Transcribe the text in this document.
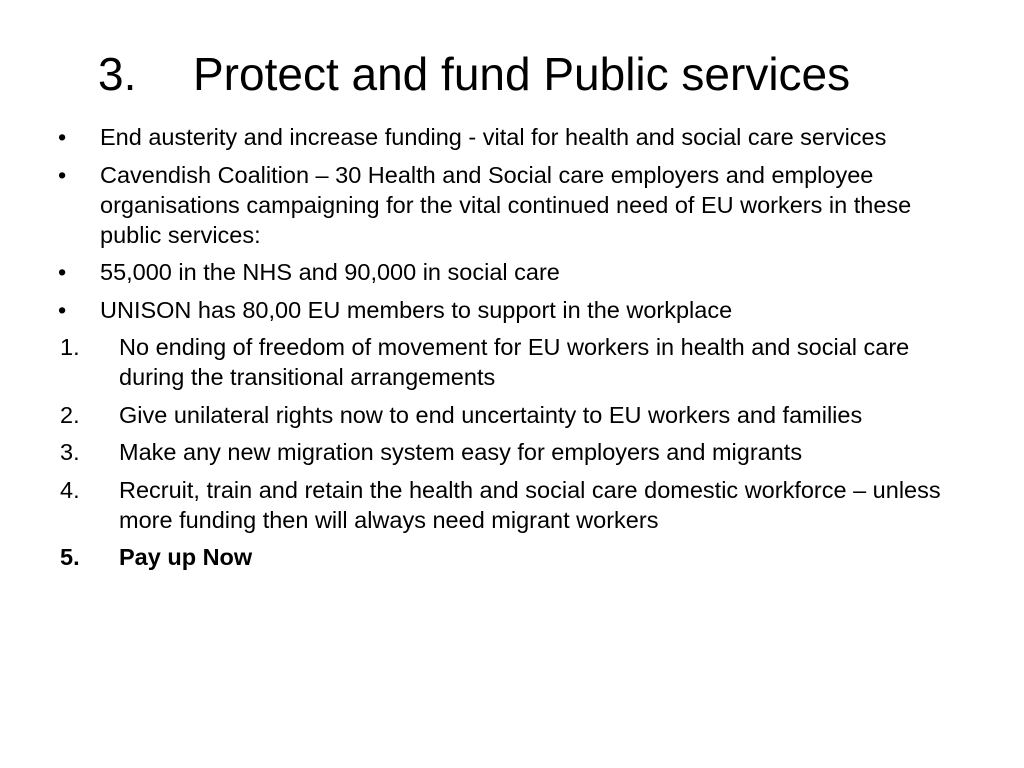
3. Protect and fund Public services
•	End austerity and increase funding - vital for health and social care services
•	Cavendish Coalition – 30 Health and Social care employers and employee organisations campaigning for the vital continued need of EU workers in these public services:
•	55,000 in the NHS and 90,000 in social care
•	UNISON has 80,00 EU members to support in the workplace
1.	No ending of freedom of movement for EU workers in health and social care during the transitional arrangements
2.	Give unilateral rights now to end uncertainty to EU workers and families
3.	Make any new migration system easy for employers and migrants
4.	Recruit, train and retain the health and social care domestic workforce – unless more funding then will always need migrant workers
5.	Pay up Now
